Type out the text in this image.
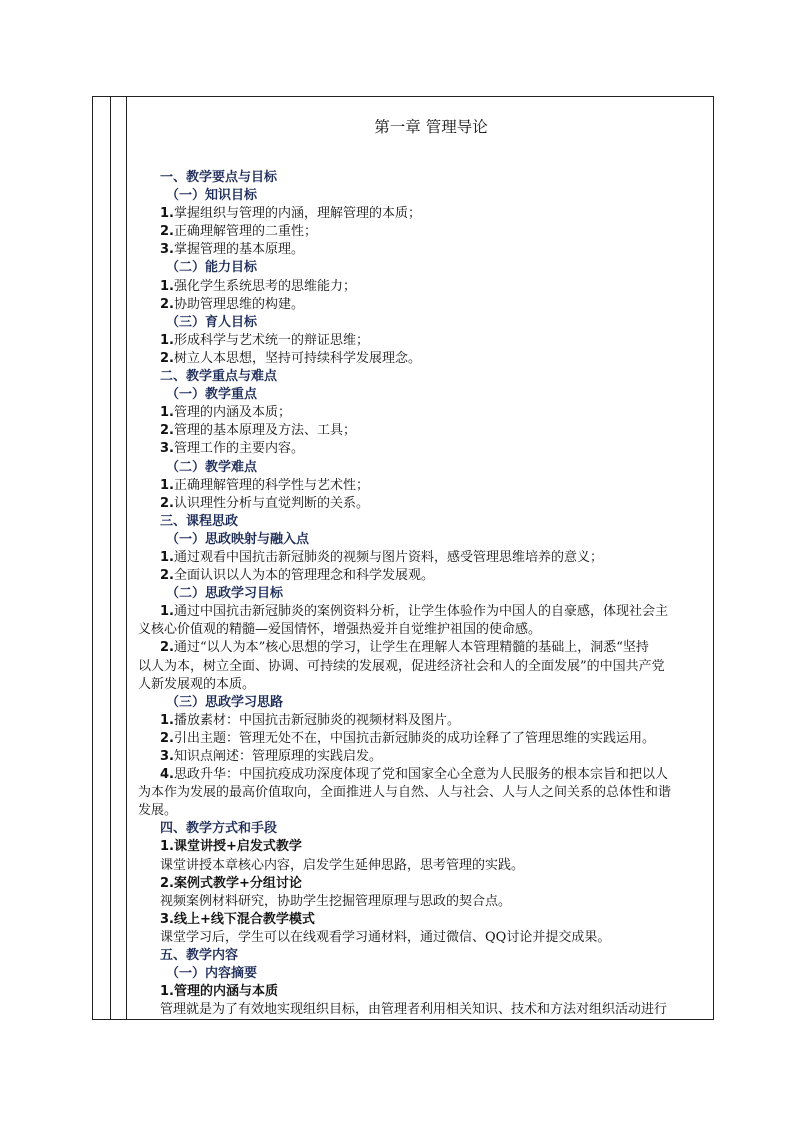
第一章 管理导论
一、教学要点与目标
（一）知识目标
1.掌握组织与管理的内涵，理解管理的本质；
2.正确理解管理的二重性；
3.掌握管理的基本原理。
（二）能力目标
1.强化学生系统思考的思维能力；
2.协助管理思维的构建。
（三）育人目标
1.形成科学与艺术统一的辩证思维；
2.树立人本思想，坚持可持续科学发展理念。
二、教学重点与难点
（一）教学重点
1.管理的内涵及本质；
2.管理的基本原理及方法、工具；
3.管理工作的主要内容。
（二）教学难点
1.正确理解管理的科学性与艺术性；
2.认识理性分析与直觉判断的关系。
三、课程思政
（一）思政映射与融入点
1.通过观看中国抗击新冠肺炎的视频与图片资料，感受管理思维培养的意义；
2.全面认识以人为本的管理理念和科学发展观。
（二）思政学习目标
1.通过中国抗击新冠肺炎的案例资料分析，让学生体验作为中国人的自豪感，体现社会主
义核心价值观的精髓—爱国情怀，增强热爱并自觉维护祖国的使命感。
2.通过“以人为本”核心思想的学习，让学生在理解人本管理精髓的基础上，洞悉“坚持
以人为本，树立全面、协调、可持续的发展观，促进经济社会和人的全面发展”的中国共产党
人新发展观的本质。
（三）思政学习思路
1.播放素材：中国抗击新冠肺炎的视频材料及图片。
2.引出主题：管理无处不在，中国抗击新冠肺炎的成功诠释了了管理思维的实践运用。
3.知识点阐述：管理原理的实践启发。
4.思政升华：中国抗疫成功深度体现了党和国家全心全意为人民服务的根本宗旨和把以人
为本作为发展的最高价值取向，全面推进人与自然、人与社会、人与人之间关系的总体性和谐
发展。
四、教学方式和手段
1.课堂讲授+启发式教学
课堂讲授本章核心内容，启发学生延伸思路，思考管理的实践。
2.案例式教学+分组讨论
视频案例材料研究，协助学生挖掘管理原理与思政的契合点。
3.线上+线下混合教学模式
课堂学习后，学生可以在线观看学习通材料，通过微信、QQ讨论并提交成果。
五、教学内容
（一）内容摘要
1.管理的内涵与本质
管理就是为了有效地实现组织目标，由管理者利用相关知识、技术和方法对组织活动进行
